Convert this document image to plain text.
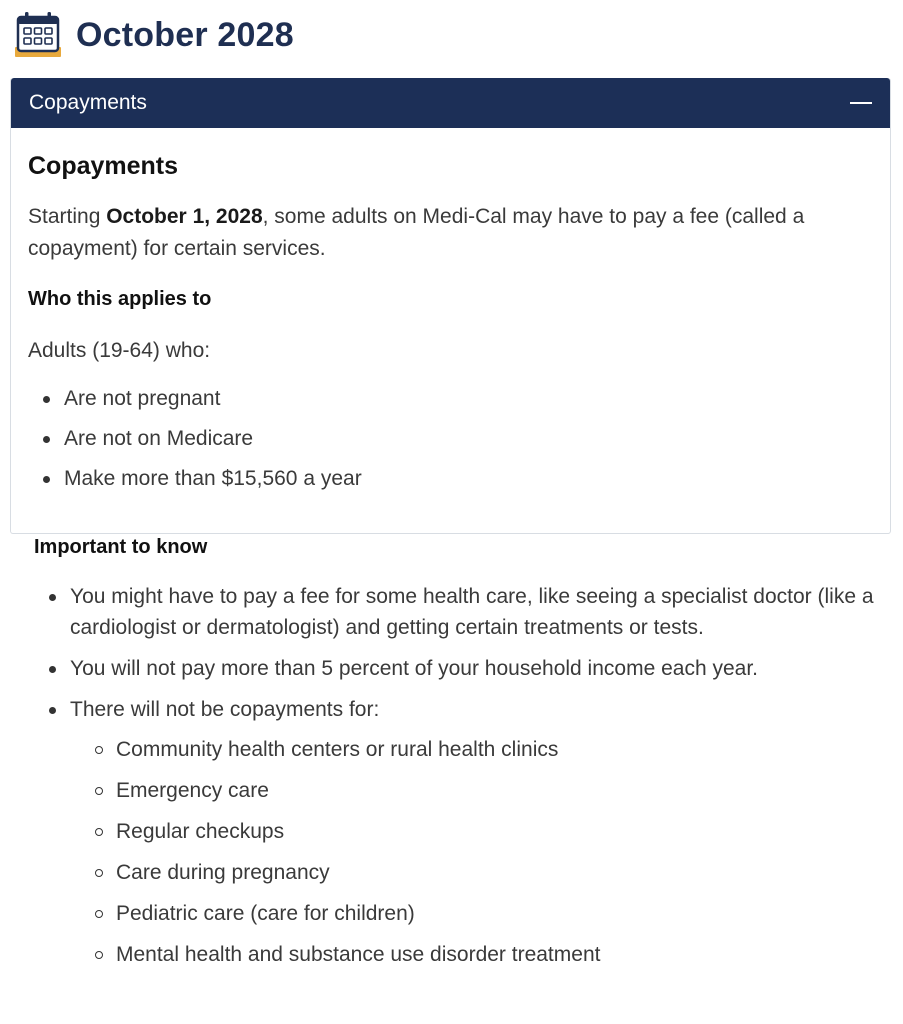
October 2028
Copayments
Copayments

Starting October 1, 2028, some adults on Medi-Cal may have to pay a fee (called a copayment) for certain services.

Who this applies to

Adults (19-64) who:

Are not pregnant
Are not on Medicare
Make more than $15,560 a year
Important to know
You might have to pay a fee for some health care, like seeing a specialist doctor (like a cardiologist or dermatologist) and getting certain treatments or tests.
You will not pay more than 5 percent of your household income each year.
There will not be copayments for:
Community health centers or rural health clinics
Emergency care
Regular checkups
Care during pregnancy
Pediatric care (care for children)
Mental health and substance use disorder treatment
